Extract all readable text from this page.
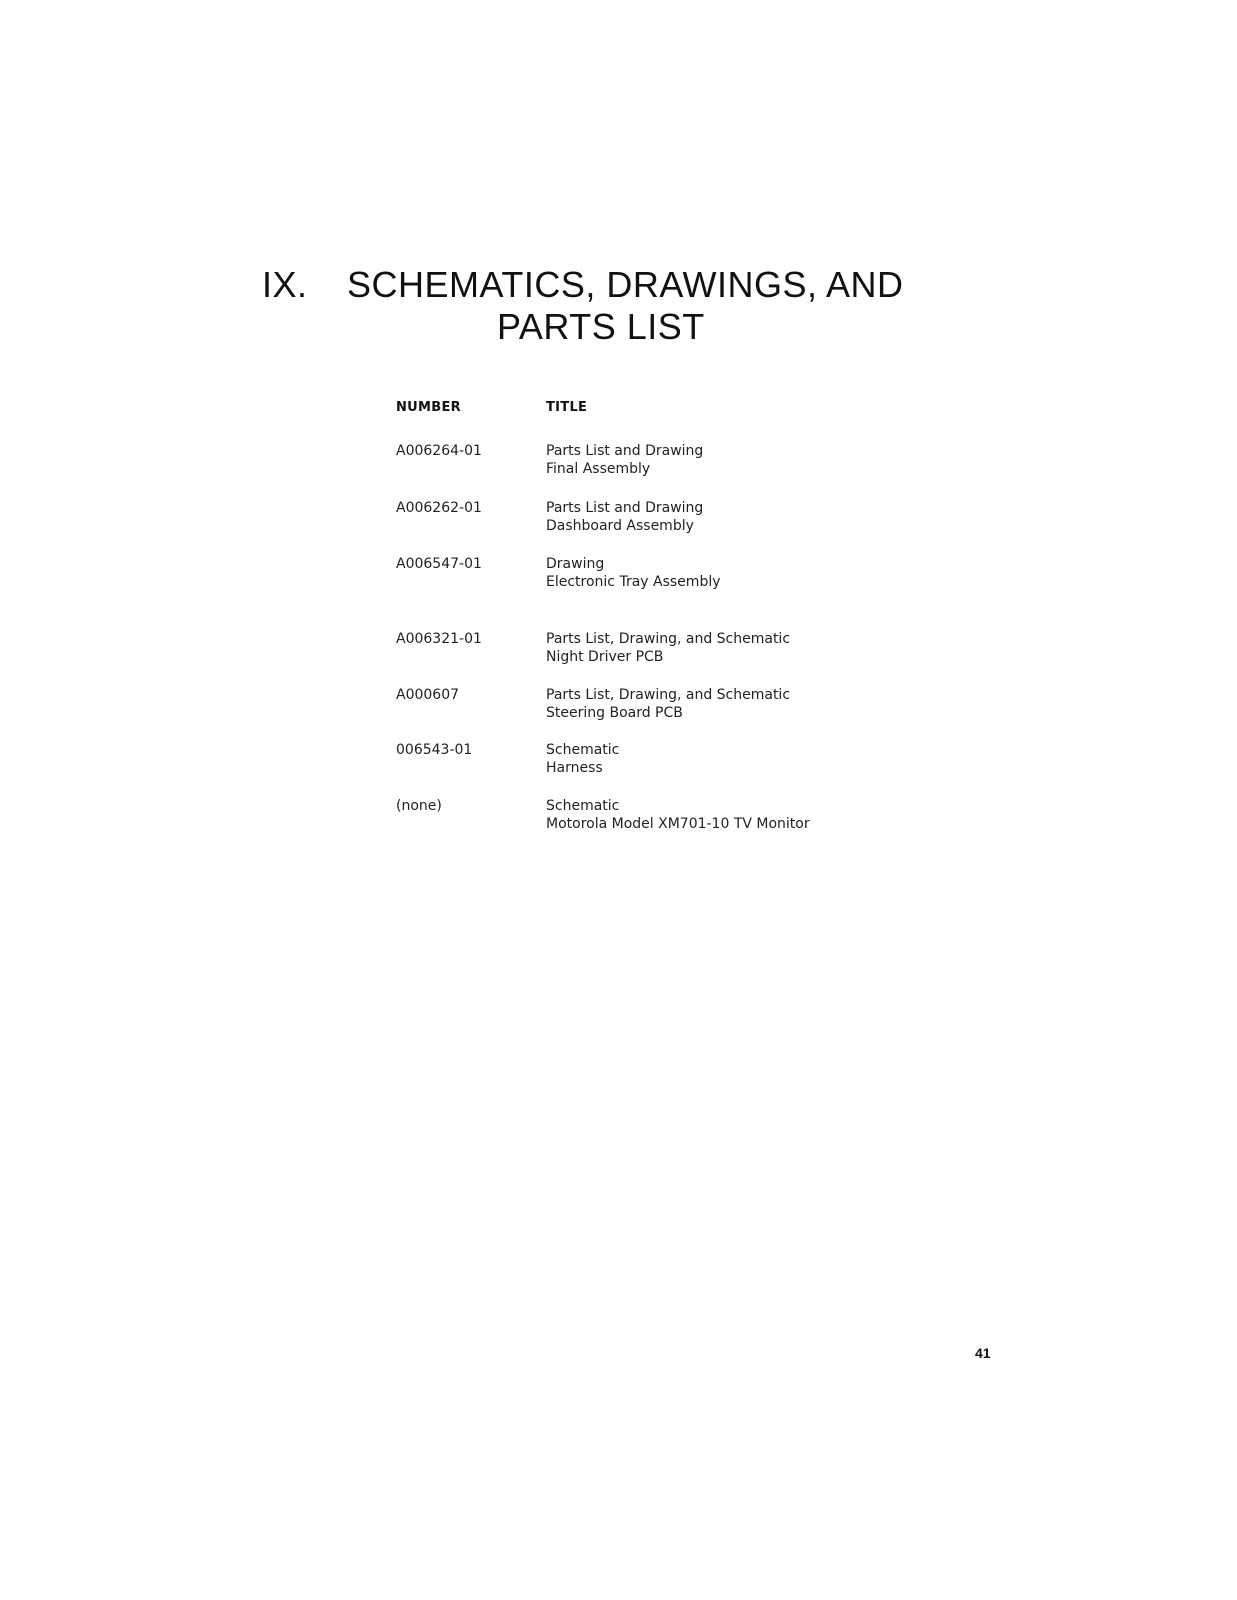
IX. SCHEMATICS, DRAWINGS, AND
PARTS LIST
NUMBER	TITLE
A006264-01	Parts List and Drawing
Final Assembly
A006262-01	Parts List and Drawing
Dashboard Assembly
A006547-01	Drawing
Electronic Tray Assembly
A006321-01	Parts List, Drawing, and Schematic
Night Driver PCB
A000607	Parts List, Drawing, and Schematic
Steering Board PCB
006543-01	Schematic
Harness
(none)	Schematic
Motorola Model XM701-10 TV Monitor
41
